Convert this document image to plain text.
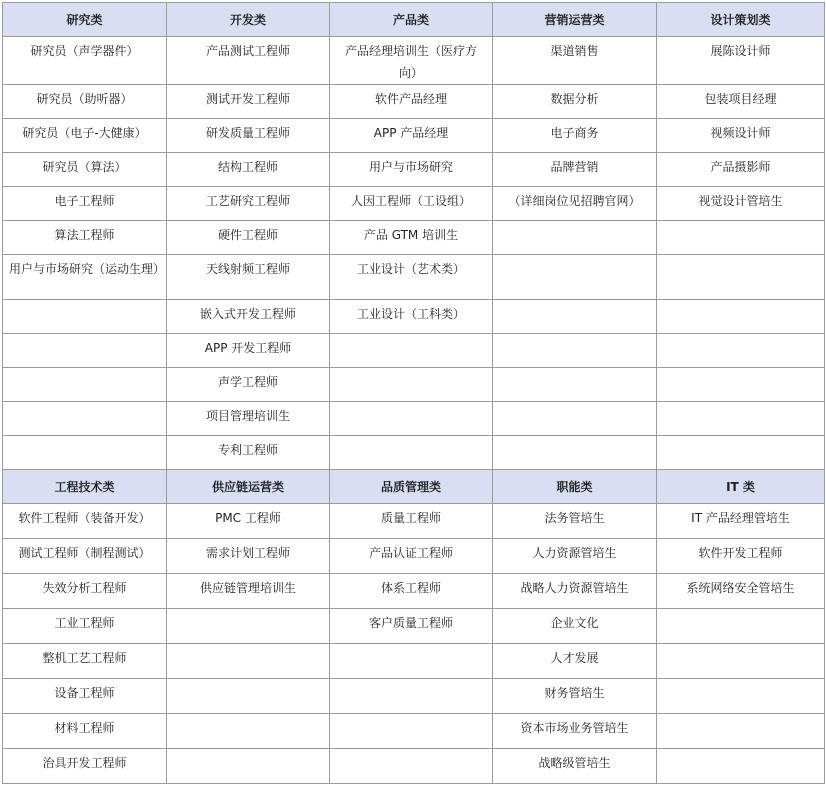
研究类	开发类	产品类	营销运营类	设计策划类
研究员（声学器件）	产品测试工程师	产品经理培训生（医疗方向）	渠道销售	展陈设计师
研究员（助听器）	测试开发工程师	软件产品经理	数据分析	包装项目经理
研究员（电子-大健康）	研发质量工程师	APP 产品经理	电子商务	视频设计师
研究员（算法）	结构工程师	用户与市场研究	品牌营销	产品摄影师
电子工程师	工艺研究工程师	人因工程师（工设组）	（详细岗位见招聘官网）	视觉设计管培生
算法工程师	硬件工程师	产品 GTM 培训生		
用户与市场研究（运动生理）	天线射频工程师	工业设计（艺术类）		
	嵌入式开发工程师	工业设计（工科类）		
	APP 开发工程师			
	声学工程师			
	项目管理培训生			
	专利工程师			
工程技术类	供应链运营类	品质管理类	职能类	IT 类
软件工程师（装备开发）	PMC 工程师	质量工程师	法务管培生	IT 产品经理管培生
测试工程师（制程测试）	需求计划工程师	产品认证工程师	人力资源管培生	软件开发工程师
失效分析工程师	供应链管理培训生	体系工程师	战略人力资源管培生	系统网络安全管培生
工业工程师		客户质量工程师	企业文化	
整机工艺工程师			人才发展	
设备工程师			财务管培生	
材料工程师			资本市场业务管培生	
治具开发工程师			战略级管培生	
